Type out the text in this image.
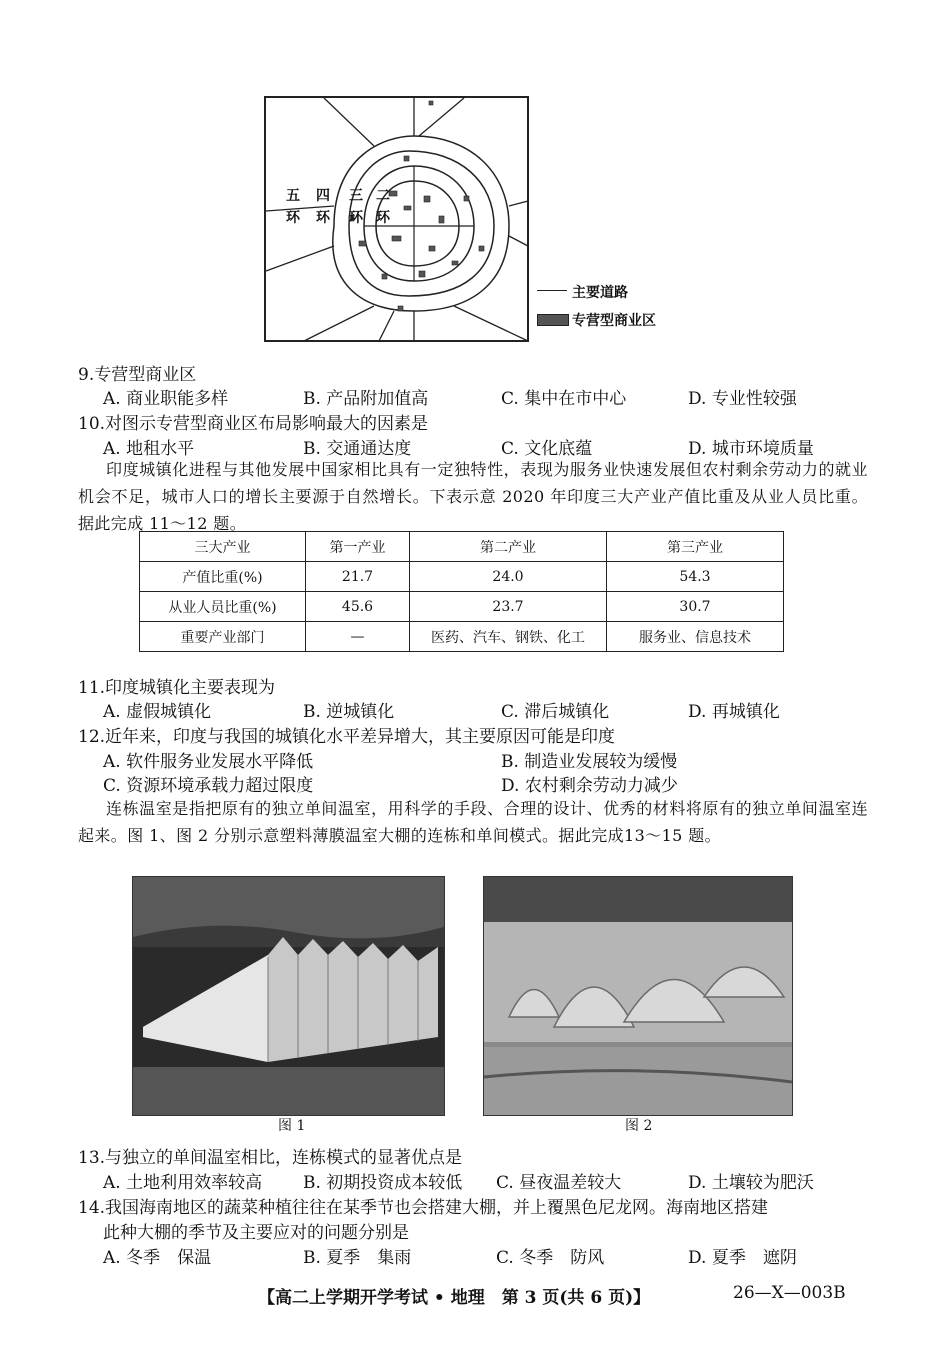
五 四 三 二
环 环 环 环
主要道路
专营型商业区
9.专营型商业区
A. 商业职能多样	B. 产品附加值高	C. 集中在市中心	D. 专业性较强
10.对图示专营型商业区布局影响最大的因素是
A. 地租水平	B. 交通通达度	C. 文化底蕴	D. 城市环境质量
印度城镇化进程与其他发展中国家相比具有一定独特性，表现为服务业快速发展但农村剩余劳动力的就业机会不足，城市人口的增长主要源于自然增长。下表示意 2020 年印度三大产业产值比重及从业人员比重。据此完成 11～12 题。
三大产业	第一产业	第二产业	第三产业
产值比重(%)	21.7	24.0	54.3
从业人员比重(%)	45.6	23.7	30.7
重要产业部门	—	医药、汽车、钢铁、化工	服务业、信息技术
11.印度城镇化主要表现为
A. 虚假城镇化	B. 逆城镇化	C. 滞后城镇化	D. 再城镇化
12.近年来，印度与我国的城镇化水平差异增大，其主要原因可能是印度
A. 软件服务业发展水平降低	B. 制造业发展较为缓慢
C. 资源环境承载力超过限度	D. 农村剩余劳动力减少
连栋温室是指把原有的独立单间温室，用科学的手段、合理的设计、优秀的材料将原有的独立单间温室连起来。图 1、图 2 分别示意塑料薄膜温室大棚的连栋和单间模式。据此完成13～15 题。
图 1	图 2
13.与独立的单间温室相比，连栋模式的显著优点是
A. 土地利用效率较高 B. 初期投资成本较低 C. 昼夜温差较大	D. 土壤较为肥沃
14.我国海南地区的蔬菜种植往往在某季节也会搭建大棚，并上覆黑色尼龙网。海南地区搭建
此种大棚的季节及主要应对的问题分别是
A. 冬季　保温	B. 夏季　集雨	C. 冬季　防风	D. 夏季　遮阴
【高二上学期开学考试 • 地理　第 3 页(共 6 页)】	26—X—003B
